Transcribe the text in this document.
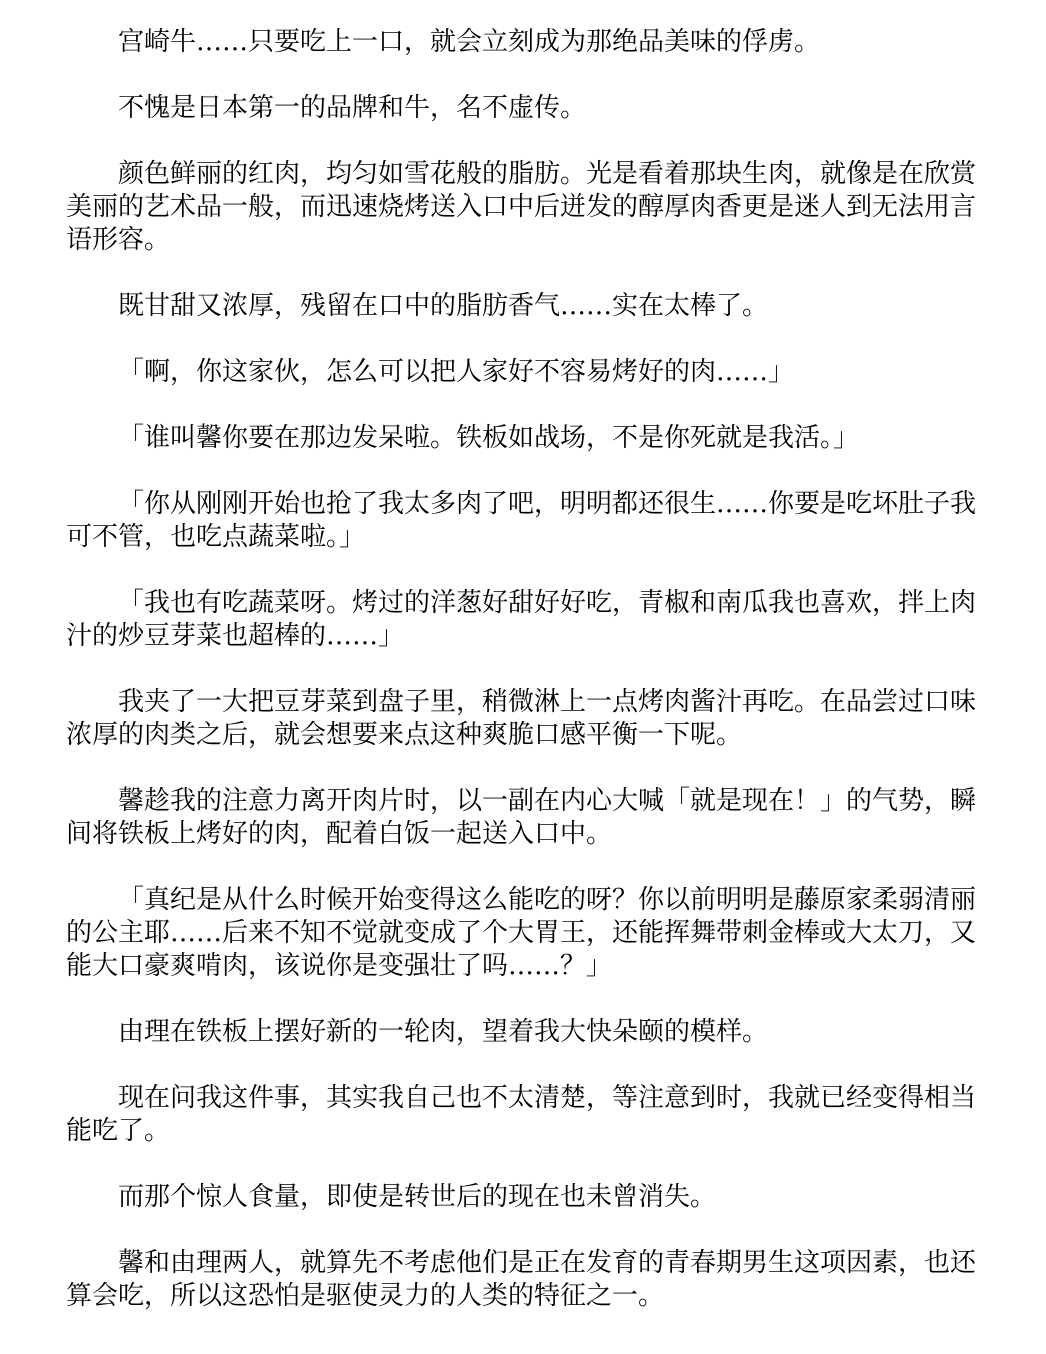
宫崎牛……只要吃上一口，就会立刻成为那绝品美味的俘虏。

不愧是日本第一的品牌和牛，名不虚传。

颜色鲜丽的红肉，均匀如雪花般的脂肪。光是看着那块生肉，就像是在欣赏美丽的艺术品一般，而迅速烧烤送入口中后迸发的醇厚肉香更是迷人到无法用言语形容。

既甘甜又浓厚，残留在口中的脂肪香气……实在太棒了。

「啊，你这家伙，怎么可以把人家好不容易烤好的肉……」

「谁叫馨你要在那边发呆啦。铁板如战场，不是你死就是我活。」

「你从刚刚开始也抢了我太多肉了吧，明明都还很生……你要是吃坏肚子我可不管，也吃点蔬菜啦。」

「我也有吃蔬菜呀。烤过的洋葱好甜好好吃，青椒和南瓜我也喜欢，拌上肉汁的炒豆芽菜也超棒的……」

我夹了一大把豆芽菜到盘子里，稍微淋上一点烤肉酱汁再吃。在品尝过口味浓厚的肉类之后，就会想要来点这种爽脆口感平衡一下呢。

馨趁我的注意力离开肉片时，以一副在内心大喊「就是现在！」的气势，瞬间将铁板上烤好的肉，配着白饭一起送入口中。

「真纪是从什么时候开始变得这么能吃的呀？你以前明明是藤原家柔弱清丽的公主耶……后来不知不觉就变成了个大胃王，还能挥舞带刺金棒或大太刀，又能大口豪爽啃肉，该说你是变强壮了吗……？」

由理在铁板上摆好新的一轮肉，望着我大快朵颐的模样。

现在问我这件事，其实我自己也不太清楚，等注意到时，我就已经变得相当能吃了。

而那个惊人食量，即使是转世后的现在也未曾消失。

馨和由理两人，就算先不考虑他们是正在发育的青春期男生这项因素，也还算会吃，所以这恐怕是驱使灵力的人类的特征之一。
